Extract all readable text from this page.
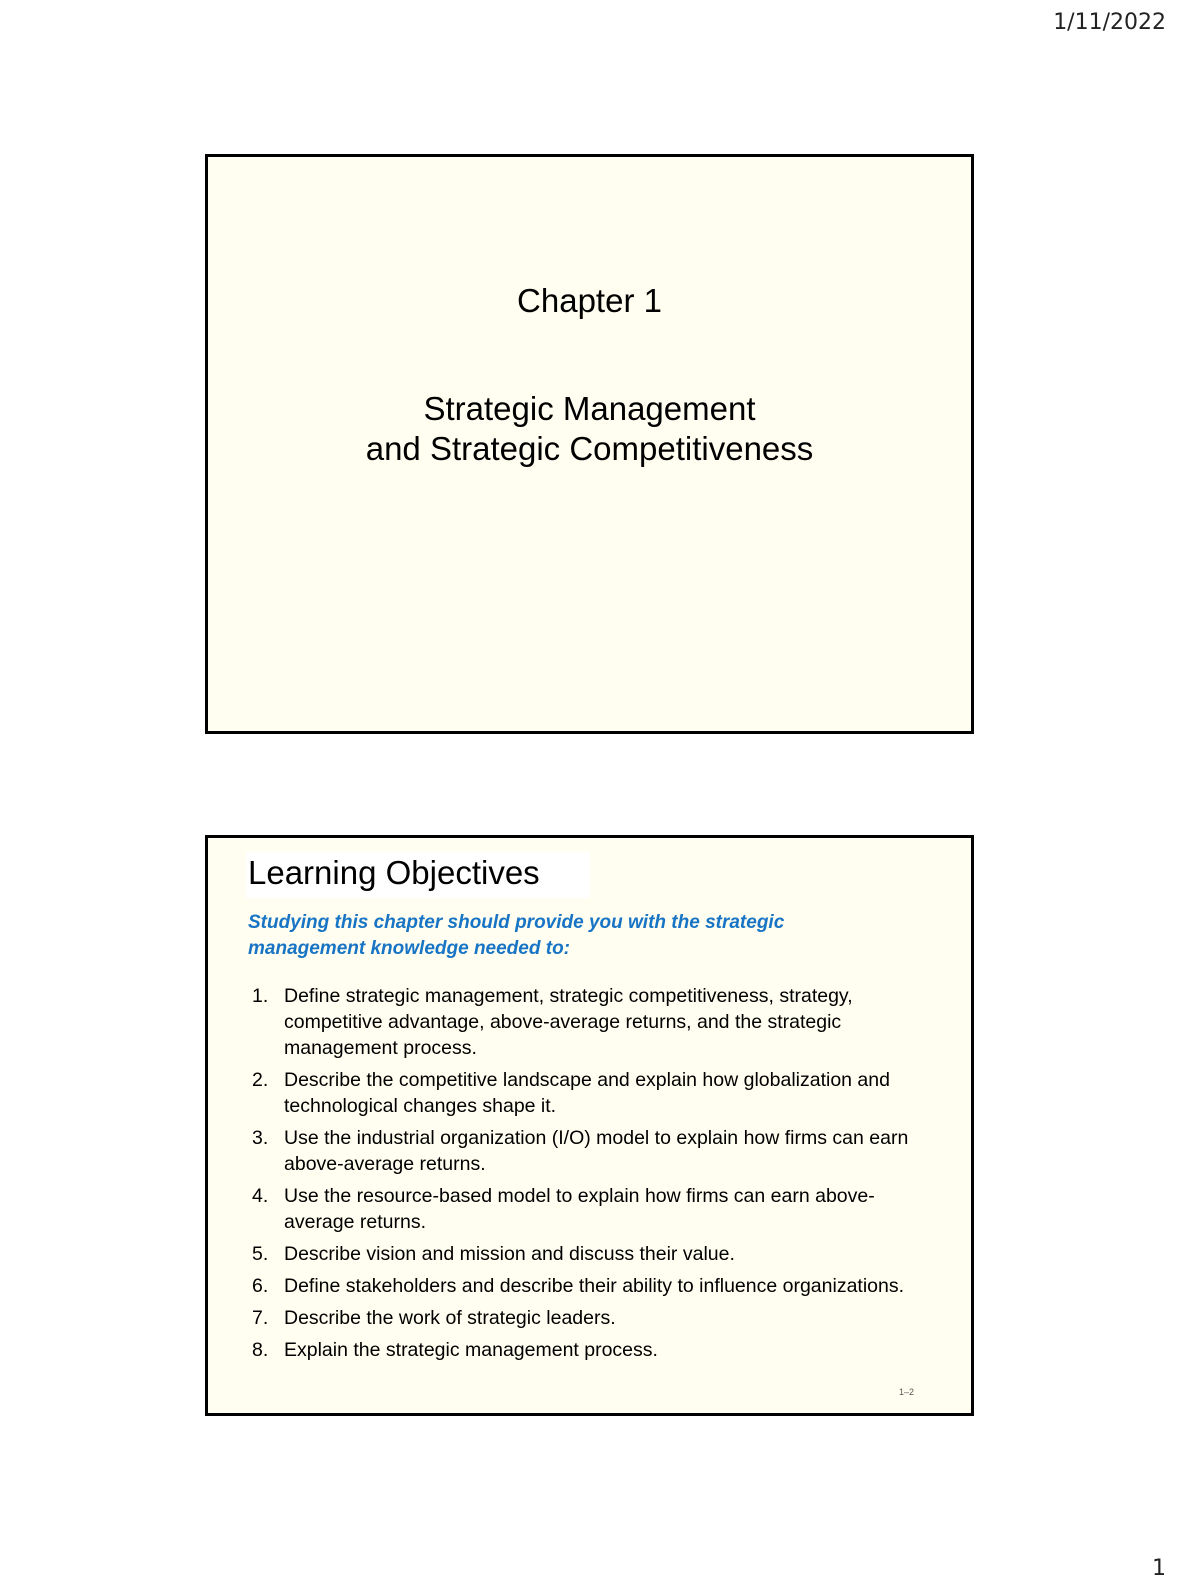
1/11/2022
Chapter 1
Strategic Management
and Strategic Competitiveness
Learning Objectives
Studying this chapter should provide you with the strategic
management knowledge needed to:
1. Define strategic management, strategic competitiveness, strategy, competitive advantage, above-average returns, and the strategic management process.
2. Describe the competitive landscape and explain how globalization and technological changes shape it.
3. Use the industrial organization (I/O) model to explain how firms can earn above-average returns.
4. Use the resource-based model to explain how firms can earn above-average returns.
5. Describe vision and mission and discuss their value.
6. Define stakeholders and describe their ability to influence organizations.
7. Describe the work of strategic leaders.
8. Explain the strategic management process.
1–2
1
